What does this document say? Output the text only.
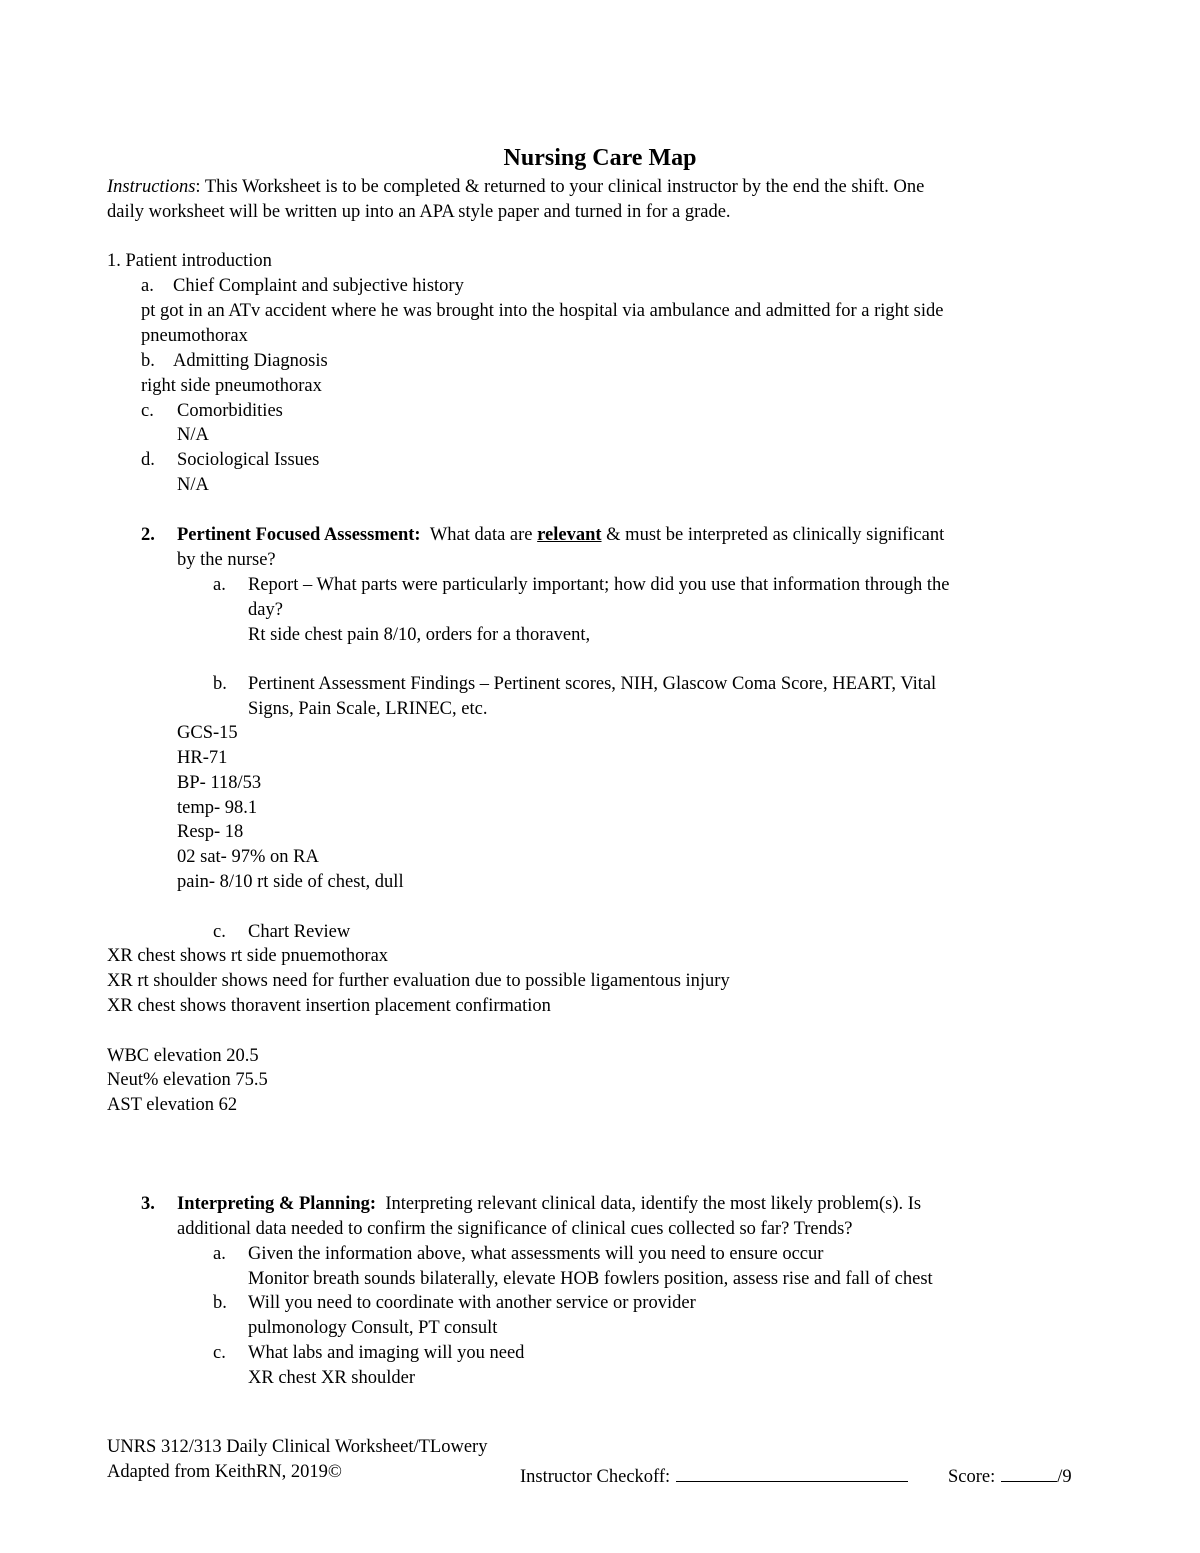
Nursing Care Map
Instructions: This Worksheet is to be completed & returned to your clinical instructor by the end the shift. One
daily worksheet will be written up into an APA style paper and turned in for a grade.
1. Patient introduction
a. Chief Complaint and subjective history
pt got in an ATv accident where he was brought into the hospital via ambulance and admitted for a right side
pneumothorax
b. Admitting Diagnosis
right side pneumothorax
c. Comorbidities
N/A
d. Sociological Issues
N/A
2. Pertinent Focused Assessment: What data are relevant & must be interpreted as clinically significant
by the nurse?
a. Report – What parts were particularly important; how did you use that information through the
day?
Rt side chest pain 8/10, orders for a thoravent,
b. Pertinent Assessment Findings – Pertinent scores, NIH, Glascow Coma Score, HEART, Vital
Signs, Pain Scale, LRINEC, etc.
GCS-15
HR-71
BP- 118/53
temp- 98.1
Resp- 18
02 sat- 97% on RA
pain- 8/10 rt side of chest, dull
c. Chart Review
XR chest shows rt side pnuemothorax
XR rt shoulder shows need for further evaluation due to possible ligamentous injury
XR chest shows thoravent insertion placement confirmation
WBC elevation 20.5
Neut% elevation 75.5
AST elevation 62
3. Interpreting & Planning: Interpreting relevant clinical data, identify the most likely problem(s). Is
additional data needed to confirm the significance of clinical cues collected so far? Trends?
a. Given the information above, what assessments will you need to ensure occur
Monitor breath sounds bilaterally, elevate HOB fowlers position, assess rise and fall of chest
b. Will you need to coordinate with another service or provider
pulmonology Consult, PT consult
c. What labs and imaging will you need
XR chest XR shoulder
UNRS 312/313 Daily Clinical Worksheet/TLowery
Adapted from KeithRN, 2019©	Instructor Checkoff:	Score:	/9
